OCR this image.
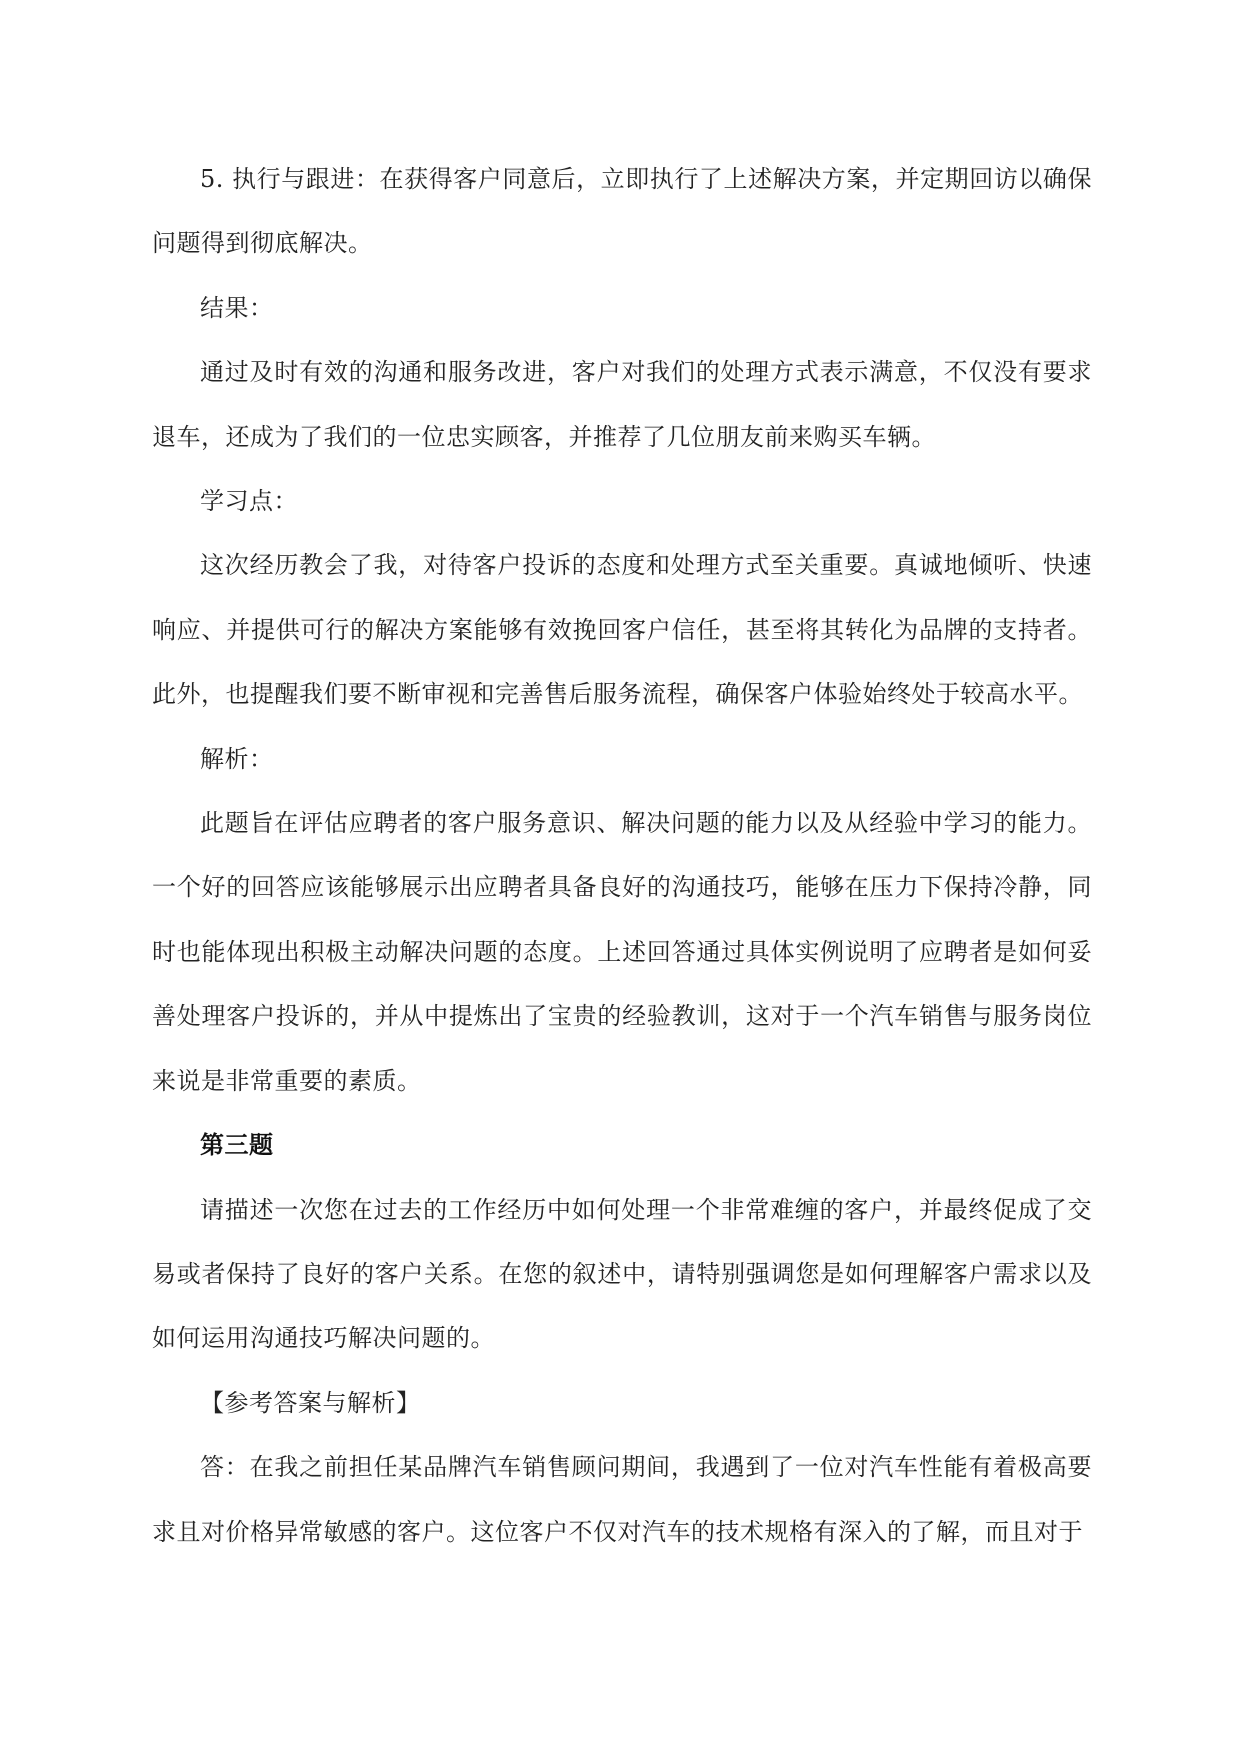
5. 执行与跟进：在获得客户同意后，立即执行了上述解决方案，并定期回访以确保问题得到彻底解决。

结果：

通过及时有效的沟通和服务改进，客户对我们的处理方式表示满意，不仅没有要求退车，还成为了我们的一位忠实顾客，并推荐了几位朋友前来购买车辆。

学习点：

这次经历教会了我，对待客户投诉的态度和处理方式至关重要。真诚地倾听、快速响应、并提供可行的解决方案能够有效挽回客户信任，甚至将其转化为品牌的支持者。此外，也提醒我们要不断审视和完善售后服务流程，确保客户体验始终处于较高水平。

解析：

此题旨在评估应聘者的客户服务意识、解决问题的能力以及从经验中学习的能力。一个好的回答应该能够展示出应聘者具备良好的沟通技巧，能够在压力下保持冷静，同时也能体现出积极主动解决问题的态度。上述回答通过具体实例说明了应聘者是如何妥善处理客户投诉的，并从中提炼出了宝贵的经验教训，这对于一个汽车销售与服务岗位来说是非常重要的素质。

第三题

请描述一次您在过去的工作经历中如何处理一个非常难缠的客户，并最终促成了交易或者保持了良好的客户关系。在您的叙述中，请特别强调您是如何理解客户需求以及如何运用沟通技巧解决问题的。

【参考答案与解析】

答：在我之前担任某品牌汽车销售顾问期间，我遇到了一位对汽车性能有着极高要求且对价格异常敏感的客户。这位客户不仅对汽车的技术规格有深入的了解，而且对于
